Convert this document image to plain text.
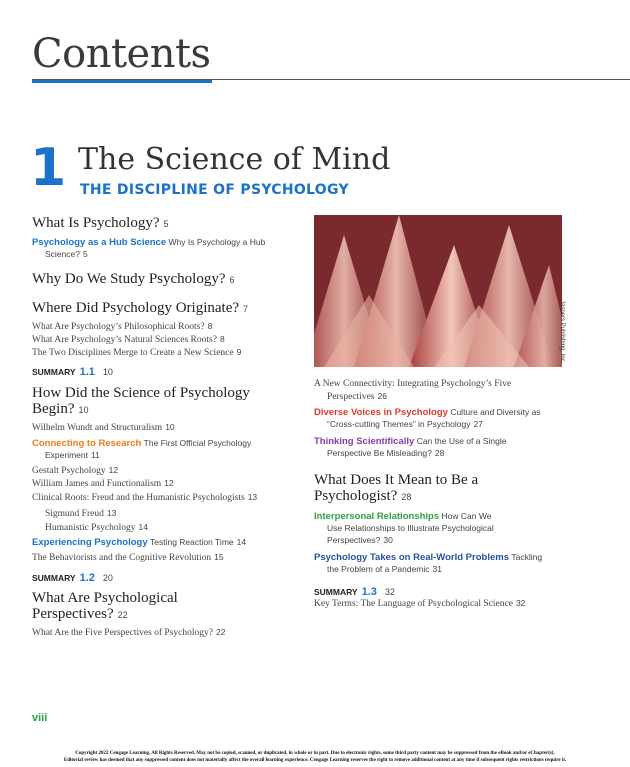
Contents
1 The Science of Mind
THE DISCIPLINE OF PSYCHOLOGY
What Is Psychology? 5
Psychology as a Hub Science Why Is Psychology a Hub
Science? 5
Why Do We Study Psychology? 6
Where Did Psychology Originate? 7
What Are Psychology’s Philosophical Roots? 8
What Are Psychology’s Natural Sciences Roots? 8
The Two Disciplines Merge to Create a New Science 9
SUMMARY 1.1 10
How Did the Science of Psychology
Begin? 10
Wilhelm Wundt and Structuralism 10
Connecting to Research The First Official Psychology
Experiment 11
Gestalt Psychology 12
William James and Functionalism 12
Clinical Roots: Freud and the Humanistic Psychologists 13
Sigmund Freud 13
Humanistic Psychology 14
Experiencing Psychology Testing Reaction Time 14
The Behaviorists and the Cognitive Revolution 15
SUMMARY 1.2 20
What Are Psychological
Perspectives? 22
What Are the Five Perspectives of Psychology? 22
Jaspers Publishing, Inc.
A New Connectivity: Integrating Psychology’s Five
Perspectives 26
Diverse Voices in Psychology Culture and Diversity as
“Cross-cutting Themes” in Psychology 27
Thinking Scientifically Can the Use of a Single
Perspective Be Misleading? 28
What Does It Mean to Be a
Psychologist? 28
Interpersonal Relationships How Can We
Use Relationships to Illustrate Psychological
Perspectives? 30
Psychology Takes on Real-World Problems Tackling
the Problem of a Pandemic 31
SUMMARY 1.3 32
Key Terms: The Language of Psychological Science 32
viii
Copyright 2022 Cengage Learning. All Rights Reserved. May not be copied, scanned, or duplicated, in whole or in part. Due to electronic rights, some third party content may be suppressed from the eBook and/or eChapter(s).
Editorial review has deemed that any suppressed content does not materially affect the overall learning experience. Cengage Learning reserves the right to remove additional content at any time if subsequent rights restrictions require it.
